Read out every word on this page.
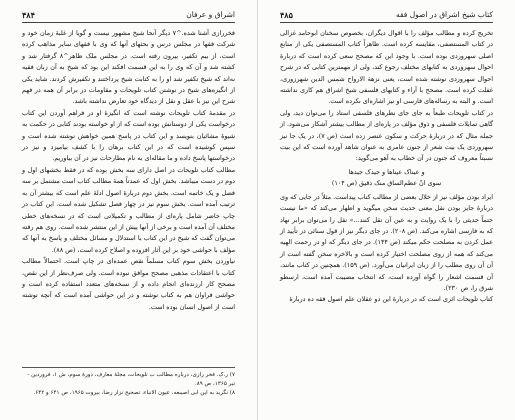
اشراق و عرفان
۴۸۴

فخررازی آشنا شده.^۷ دیگر آنجا شیخ مشهور نیست و گویا از غلبهٔ زمان خود و شرکت فقها در مجلس درس و بحثهای آنها که وی با فقهای سایر مذاهب کرده است، از بیم تکفیر، بیرون رفته است. در مجلس ملک ظاهر^۸ گرفتار شد و کشته شد و آن که وی را به این قسمت افکند این بود که شیخ به آن زبان فقیه نه‌اند که شیخ تکفیر شد او را به کتابت شیخ پرداختند و تکفیرش کردند. شاید یکی از انگیزه‌های شیخ در نوشتن کتاب تلویحات و مقاومات در برابر آن همه در فهم شرح این نیز با عقل و نقل از دیدگاه خود تعارض نداشته باشد.

در مقدمهٔ کتاب تلویحات نوشته است که انگیزهٔ او در فراهم آوردن این کتاب درخواست یکی از دوستانش بوده است که از او خواسته بودند کتابی در حکمت به شیوهٔ مشائیان بنویسد و این کتاب در پاسخ همین خواهش نوشته شده است و سپس کوشیده است که در این کتاب برهان را با کشف بیامیزد و نیز در درخواستها پاسخ داده و ما مقاله‌ای به نام مطارحات نیز در آن بیاوریم.

مطالب کتاب تلویحات در اصل دارای سه بخش بوده که در فقط بخشهای اول و دوم در دست میباشد. بخش اول که عمدتاً همهٔ مطالب کتاب است مشتمل بر سه فصل و یک خاتمه است. بخش دوم دربارهٔ اصول ادلهٔ علم است که بیشتر آن به ترتیب آمده است. بخش سوم نیز در چهار فصل تشکیل شده است. این کتاب در چاپ حاضر شامل پاره‌ای از مطالب و تکمیلاتی است که در نسخه‌های خطی مختلف آن آمده است و برخی از آنها پیش از این منتشر شده است. روی هم رفته می‌توان گفت که شیخ در این کتاب با استدلال و مسائل مختلف و پاسخ به آنها که مؤلف با حواشی خود بر این آثار افزوده و اصلاح کرده است، (ص ۸۸).

نیاوردن بخش سوم کتاب مسلماً نقص عمده‌ای در چاپ است. احتمالاً مطالب کتاب با اعتقادات مذهبی مصحح موافق نبوده است. ولی صرف‌نظر از این نقص، مصحح کار ارزنده‌ای انجام داده و از نسخه‌های متعدد استفاده کرده است و حواشی فراوان هم به کتاب نوشته و در این حواشی آمده است که آنچه نوشته است از اصول انسان بوده است.

۷) ر.ک. فخر رازی، درباره مطالب ب تلویحات، مجلهٔ معارف، دورهٔ سوم، ش ۱، فروردین - تیر ۱۳۶۵، ص ۸۹.
۸) نگرید به این ابی اصیبعه، عیون الانباء، تصحیح نزار رضا، بیروت ۱۹۶۵، ص ۶۴۱ و ۶۴۲.
کتاب شیخ اشراق در اصول فقه
۴۸۵

تخریج کرده و مطالب مؤلف را با اقوال دیگران، بخصوص سخنان ابوحامد غزالی در کتاب المستصفی، مقایسه کرده است. ظاهراً کتاب المستصفی یکی از منابع اصلی سهروردی بوده است. با وجود این که مصحح سعی کرده است که دربارهٔ احوال سهروردی به کتابهای مختلف رجوع کند، ولی از مهمترین کتابی که در شرح احوال سهروردی نوشته شده است، یعنی نزهة الارواح شمس الدین شهرزوری، غفلت کرده است. مصحح با آراء و کتابهای فلسفی شیخ اشراق هم کاری نداشته است. و البته به رساله‌های فارسی او نیز اشاره‌ای نکرده است.

در کتاب تلویحات طبعاً به جای جای نظرهای فلسفی استاد را می‌توان دید، ولی گاهی تمایلات فلسفی و ذوق مؤلف در پاره‌ای از مطالب بیشتر آشکار می‌شود. از جمله مثال که در دربارهٔ حرکت و سکون عنصر زده است (ص ۷)، در یک جا نیز سهروردی یک بیت شعر از جنون عامری به عنوان شاهد آورده است که این بیت نسبتاً معروف که جنون در آن خطاب به آهو می‌گوید:

و عیناک عیناها و جیدک جیدها
سوی ان‌ّ عظم‌الساق منک دقیق (ص ۱۰۴)

ایراد بودن مؤلف نیز از خلال بعضی از مطالب کتاب پیداست. مثلاً در جایی که وی دربارهٔ جایز بودن نقل معنی حدیث سخن میگوید و اظهار می‌کند که «ما نیست حتماً حدیثی را با یک روایت و به عین آن نقل کنند...» نقل را می‌توان برابر نهاد که به فارسی اشاره می‌کند. (ص ۲۰۸). در جای دیگر نیز از قول سنائی در تأیید از عمل کردن به مصلحت حکم میکند (ص ۱۴۴). در جای دیگر که او در رحمت الهیه می‌کند که همه از روی مصلحت اختیار کرده است و بالاخره سخن گفته است از آن آن روی مطلب را از زبان ایرانیان می‌آورد. (ص ۱۵۹). همچنین در کتاب مانند، آن قسمت اشعار را گواه آورده است، که انتخاب مصیبت آمده است، ارسطو شرق را، ص ۲۳۰).

کتاب تلویحات اثری است که در دربارهٔ این دو عقلان علم اصول فقه ده دربارهٔ
